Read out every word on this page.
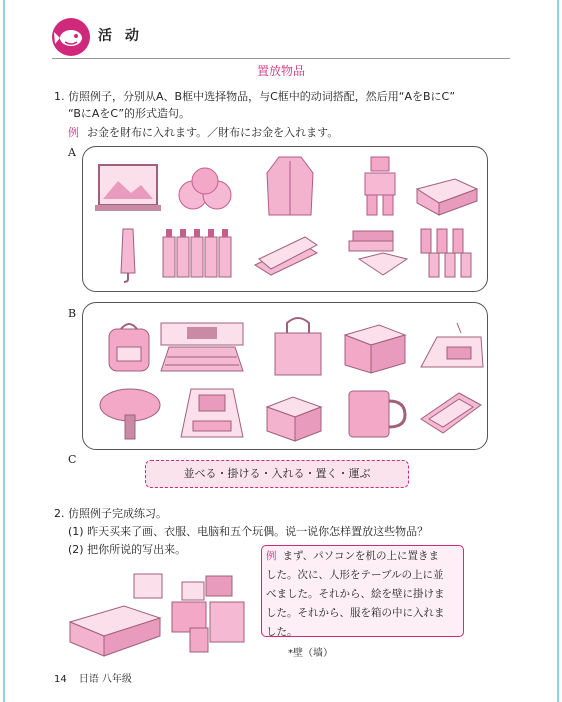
活 动
置放物品
1. 仿照例子，分别从A、B框中选择物品，与C框中的动词搭配，然后用“AをBにC”
“BにAをC”的形式造句。
例 お金を財布に入れます。／財布にお金を入れます。
A
B
C
並べる・掛ける・入れる・置く・運ぶ
2. 仿照例子完成练习。
(1) 昨天买来了画、衣服、电脑和五个玩偶。说一说你怎样置放这些物品？
(2) 把你所说的写出来。	例 まず、パソコンを机の上に置きま
した。次に、人形をテーブルの上に並
べました。それから、絵を壁に掛けま
した。それから、服を箱の中に入れま
した。
*壁（墙）
14 日语 八年级
